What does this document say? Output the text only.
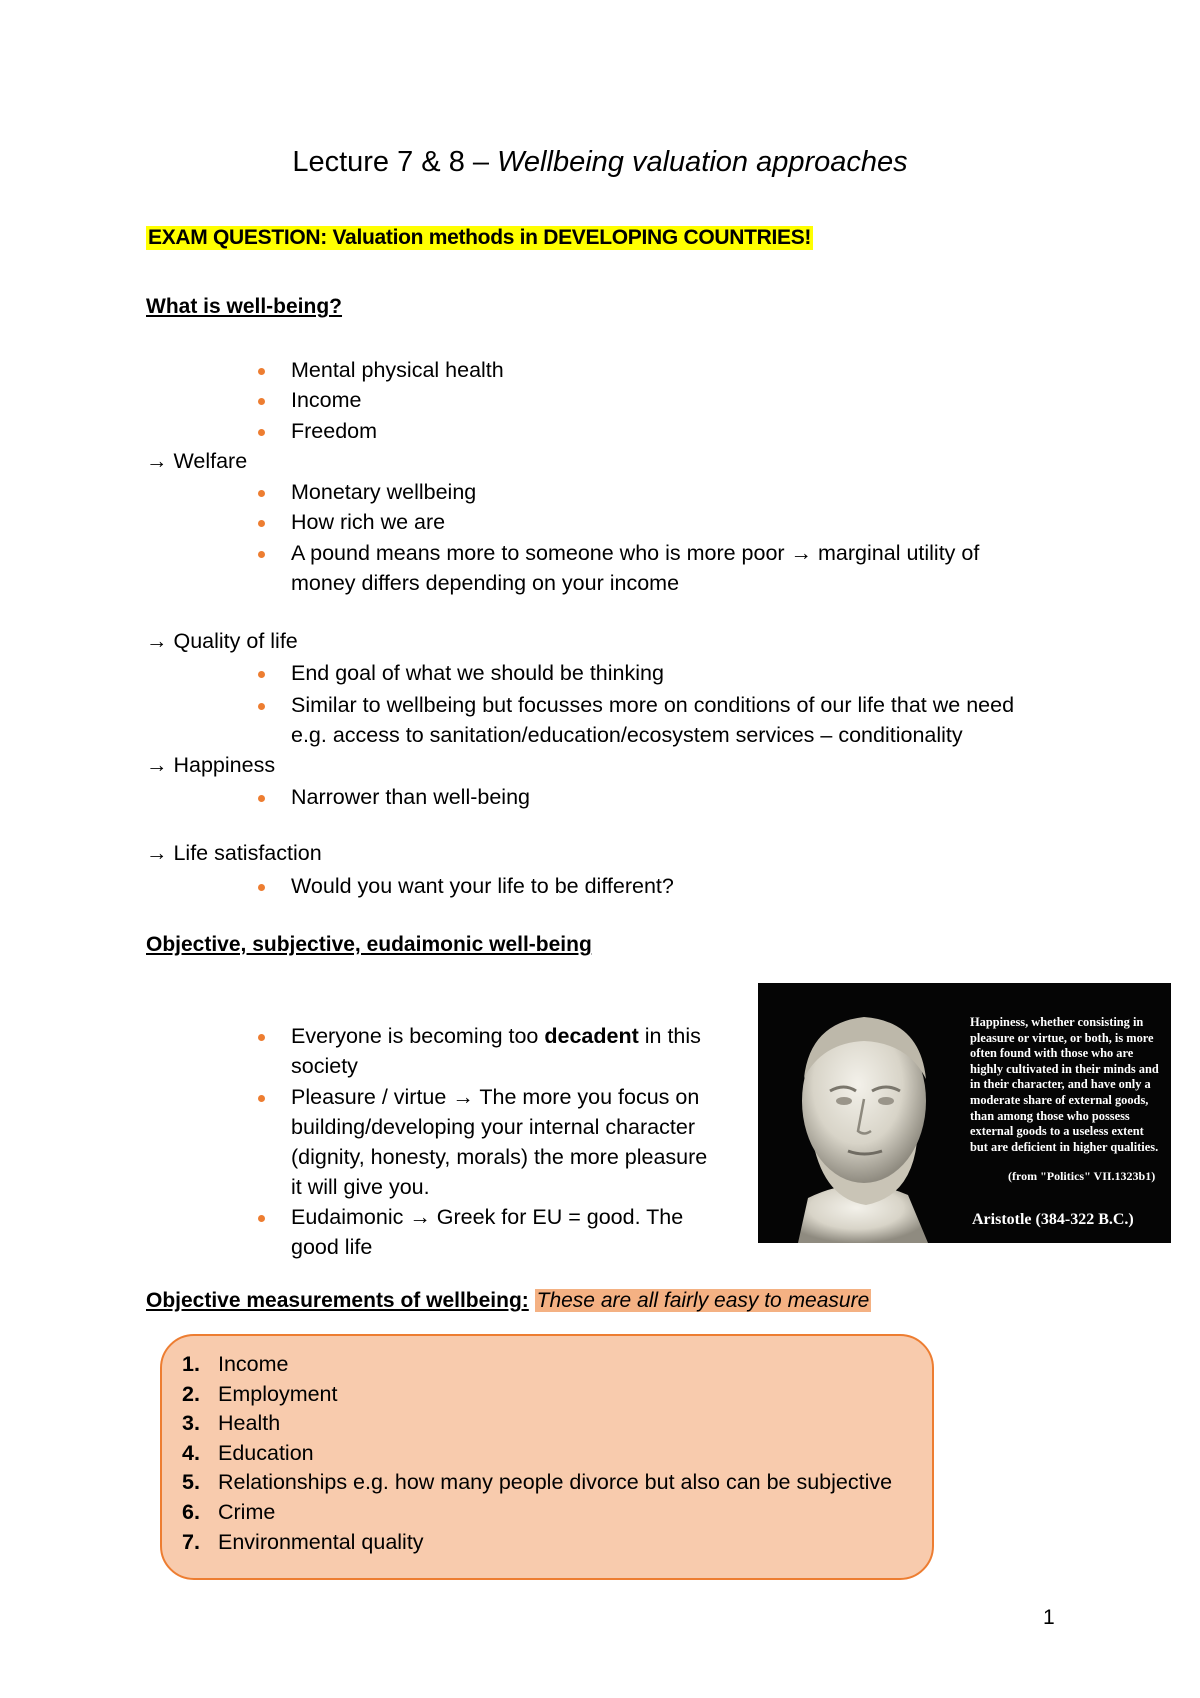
Lecture 7 & 8 – Wellbeing valuation approaches
EXAM QUESTION: Valuation methods in DEVELOPING COUNTRIES!
What is well-being?
Mental physical health
Income
Freedom
→ Welfare
Monetary wellbeing
How rich we are
A pound means more to someone who is more poor → marginal utility of
money differs depending on your income
→ Quality of life
End goal of what we should be thinking
Similar to wellbeing but focusses more on conditions of our life that we need
e.g. access to sanitation/education/ecosystem services – conditionality
→ Happiness
Narrower than well-being
→ Life satisfaction
Would you want your life to be different?
Objective, subjective, eudaimonic well-being
Everyone is becoming too decadent in this
society
Pleasure / virtue → The more you focus on
building/developing your internal character
(dignity, honesty, morals) the more pleasure
it will give you.
Eudaimonic → Greek for EU = good. The
good life
Happiness, whether consisting in pleasure or virtue, or both, is more often found with those who are highly cultivated in their minds and in their character, and have only a moderate share of external goods, than among those who possess external goods to a useless extent but are deficient in higher qualities.
(from "Politics" VII.1323b1)
Aristotle (384-322 B.C.)
Objective measurements of wellbeing: These are all fairly easy to measure
1. Income
2. Employment
3. Health
4. Education
5. Relationships e.g. how many people divorce but also can be subjective
6. Crime
7. Environmental quality
1
